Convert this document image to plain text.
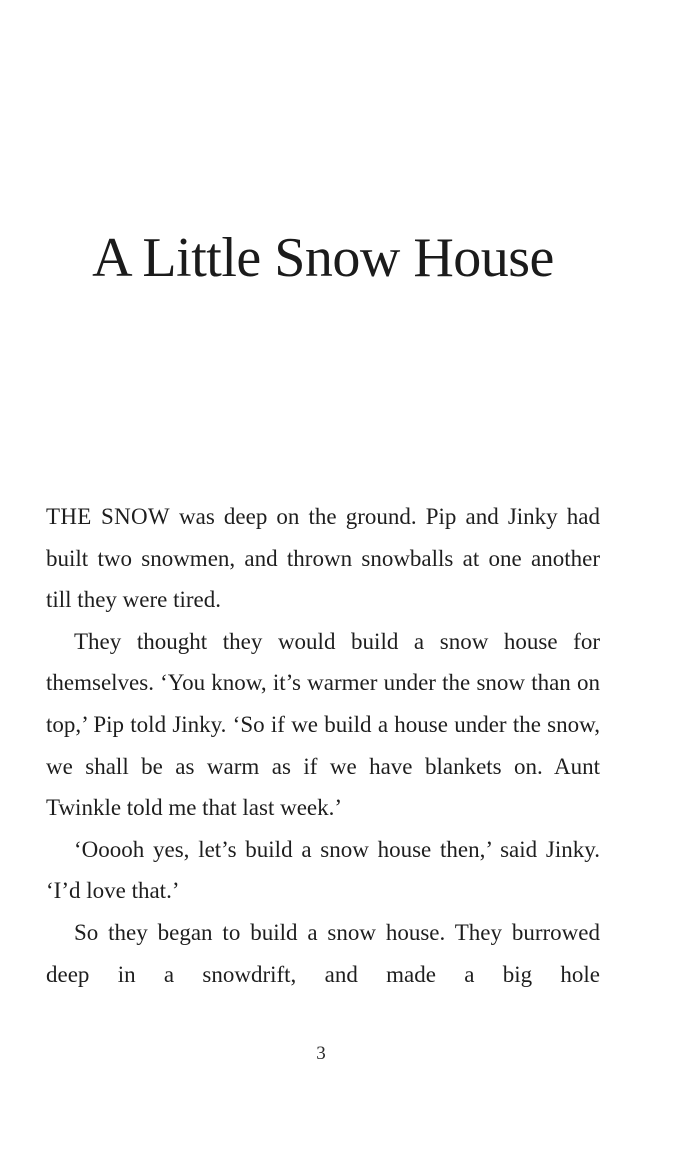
A Little Snow House

THE SNOW was deep on the ground. Pip and Jinky had built two snowmen, and thrown snowballs at one another till they were tired.

They thought they would build a snow house for themselves. ‘You know, it’s warmer under the snow than on top,’ Pip told Jinky. ‘So if we build a house under the snow, we shall be as warm as if we have blankets on. Aunt Twinkle told me that last week.’

‘Ooooh yes, let’s build a snow house then,’ said Jinky. ‘I’d love that.’

So they began to build a snow house. They burrowed deep in a snowdrift, and made a big hole

3
